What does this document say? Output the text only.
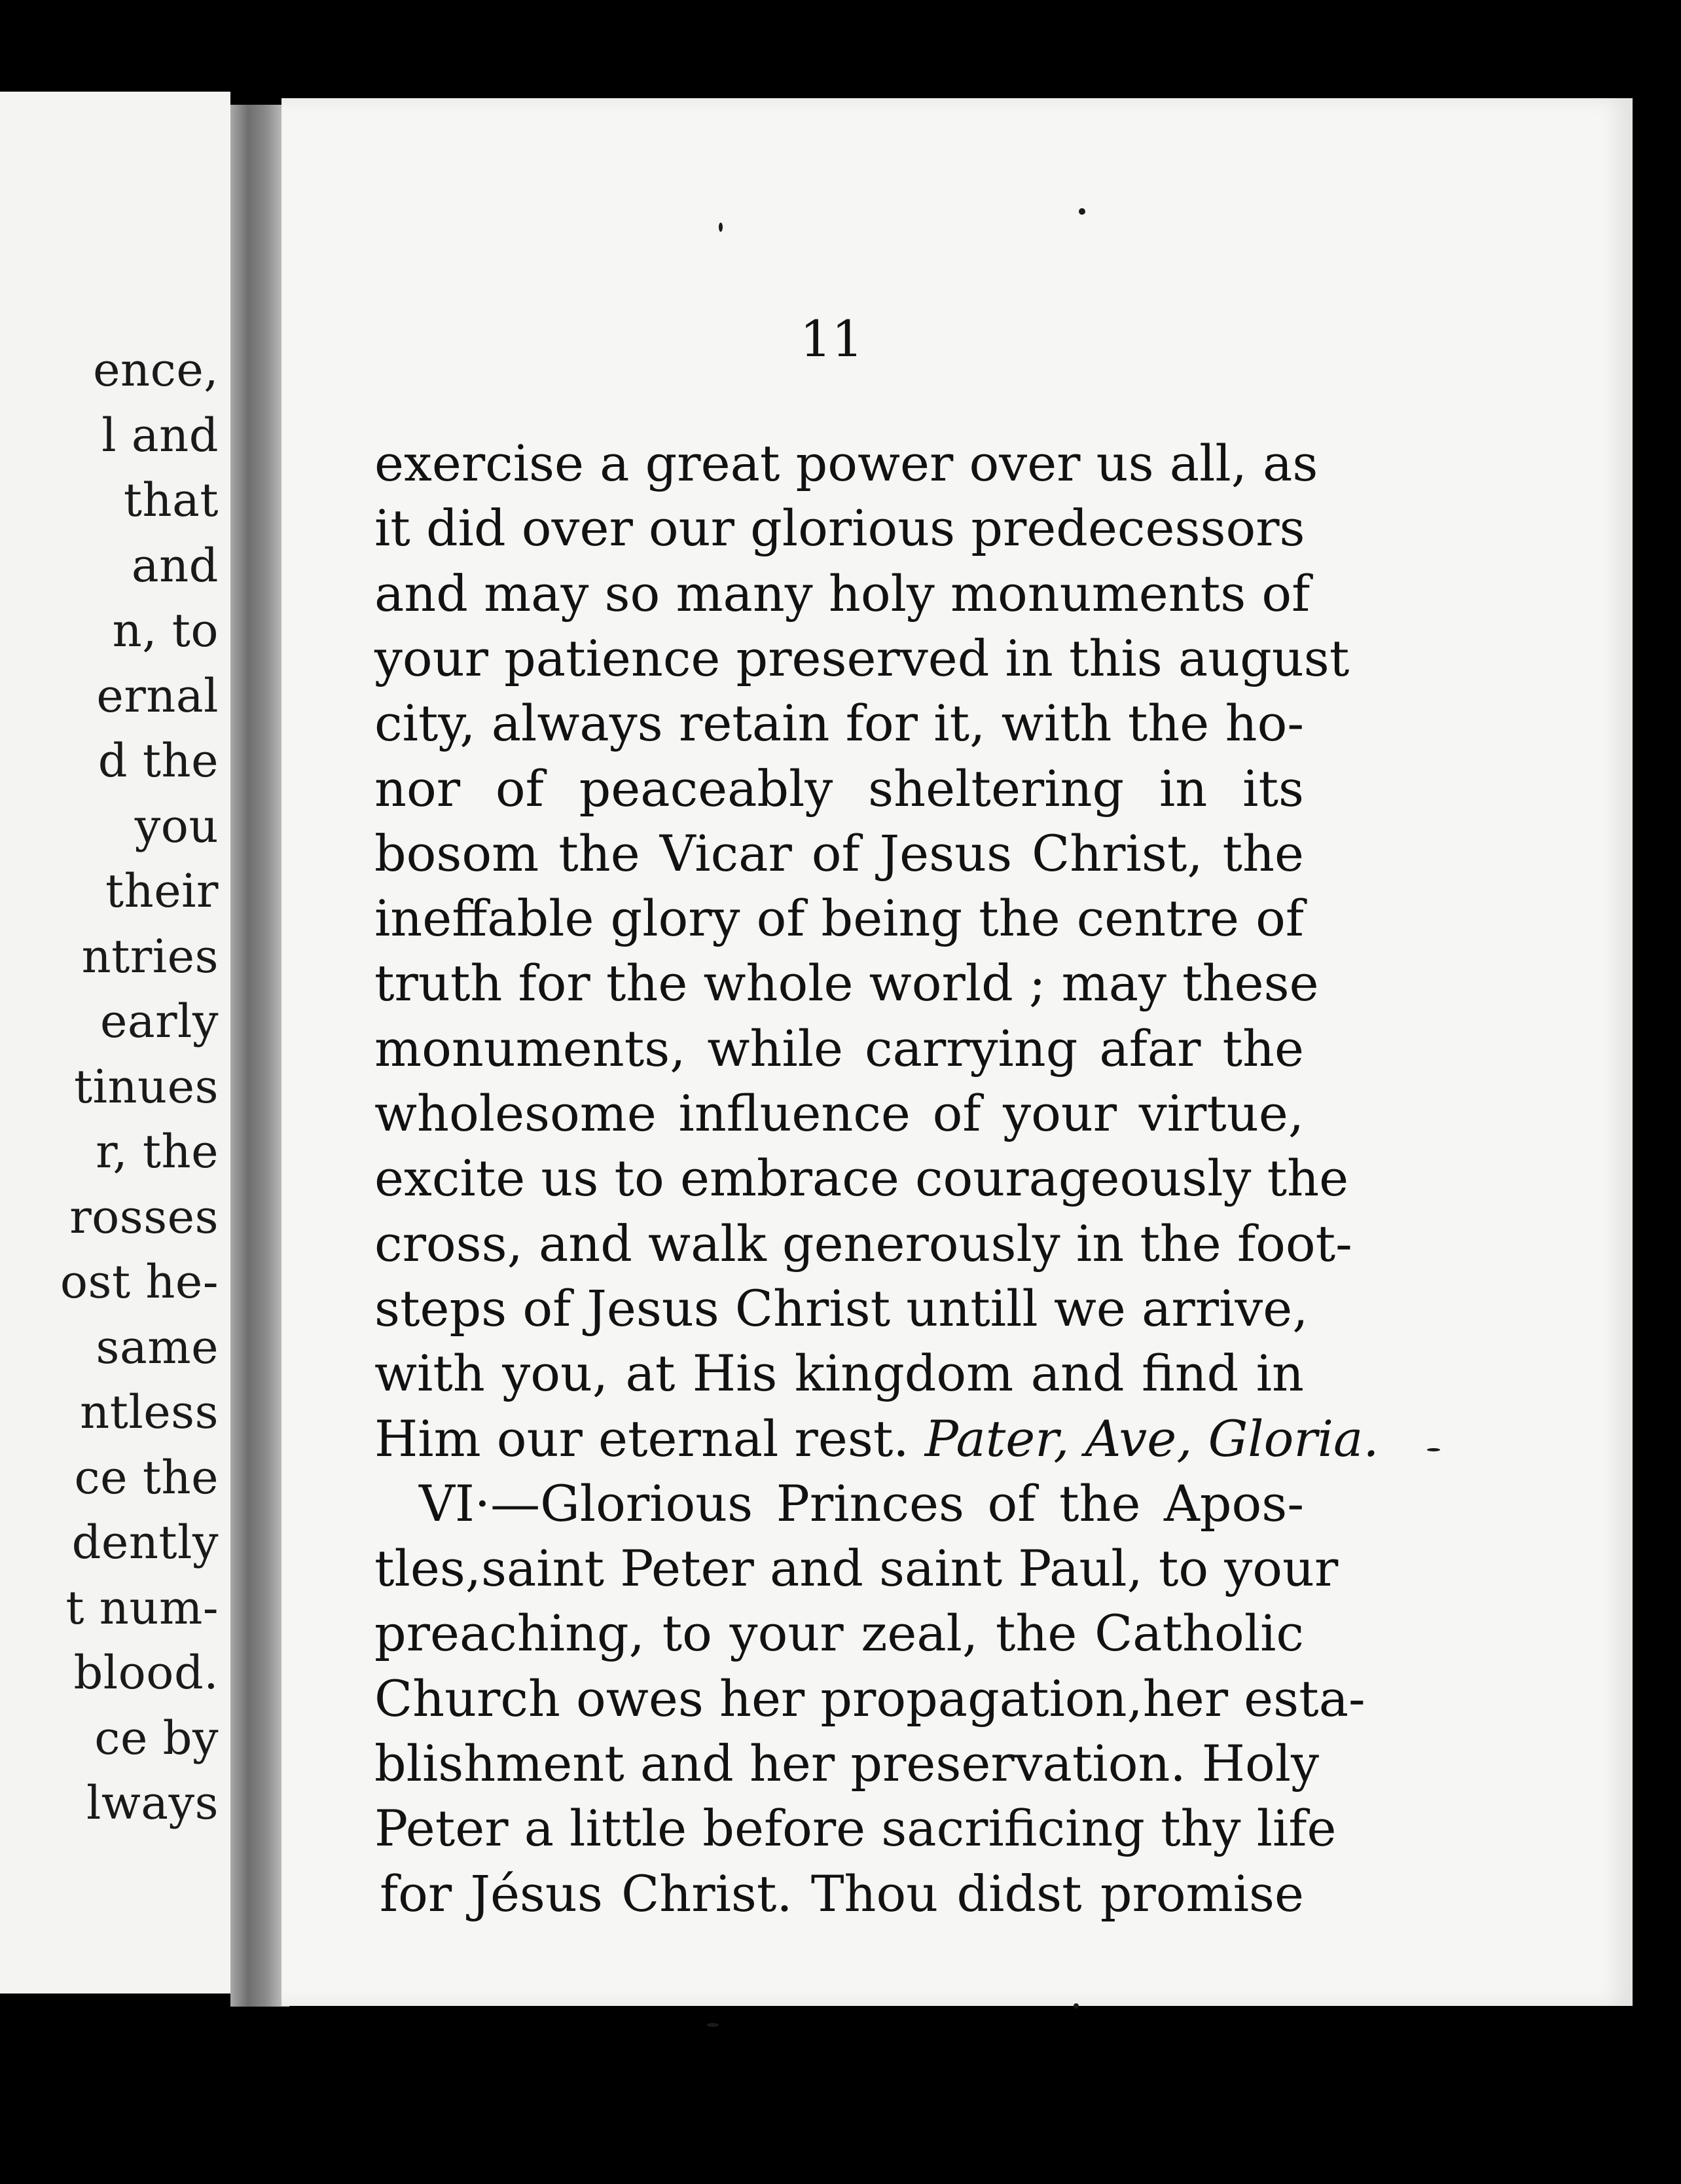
ence,
l and
that
and
n, to
ernal
d the
you
their
ntries
early
tinues
r, the
rosses
ost he-
same
ntless
ce the
dently
t num-
blood.
ce by
lways
11
exercise a great power over us all, as
it did over our glorious predecessors
and may so many holy monuments of
your patience preserved in this august
city, always retain for it, with the ho-
nor of peaceably sheltering in its
bosom the Vicar of Jesus Christ, the
ineffable glory of being the centre of
truth for the whole world ; may these
monuments, while carrying afar the
wholesome influence of your virtue,
excite us to embrace courageously the
cross, and walk generously in the foot-
steps of Jesus Christ untill we arrive,
with you, at His kingdom and find in
Him our eternal rest. Pater, Ave, Gloria.
VI·—Glorious Princes of the Apos-
tles,saint Peter and saint Paul, to your
preaching, to your zeal, the Catholic
Church owes her propagation,her esta-
blishment and her preservation. Holy
Peter a little before sacrificing thy life
for Jésus Christ. Thou didst promise
